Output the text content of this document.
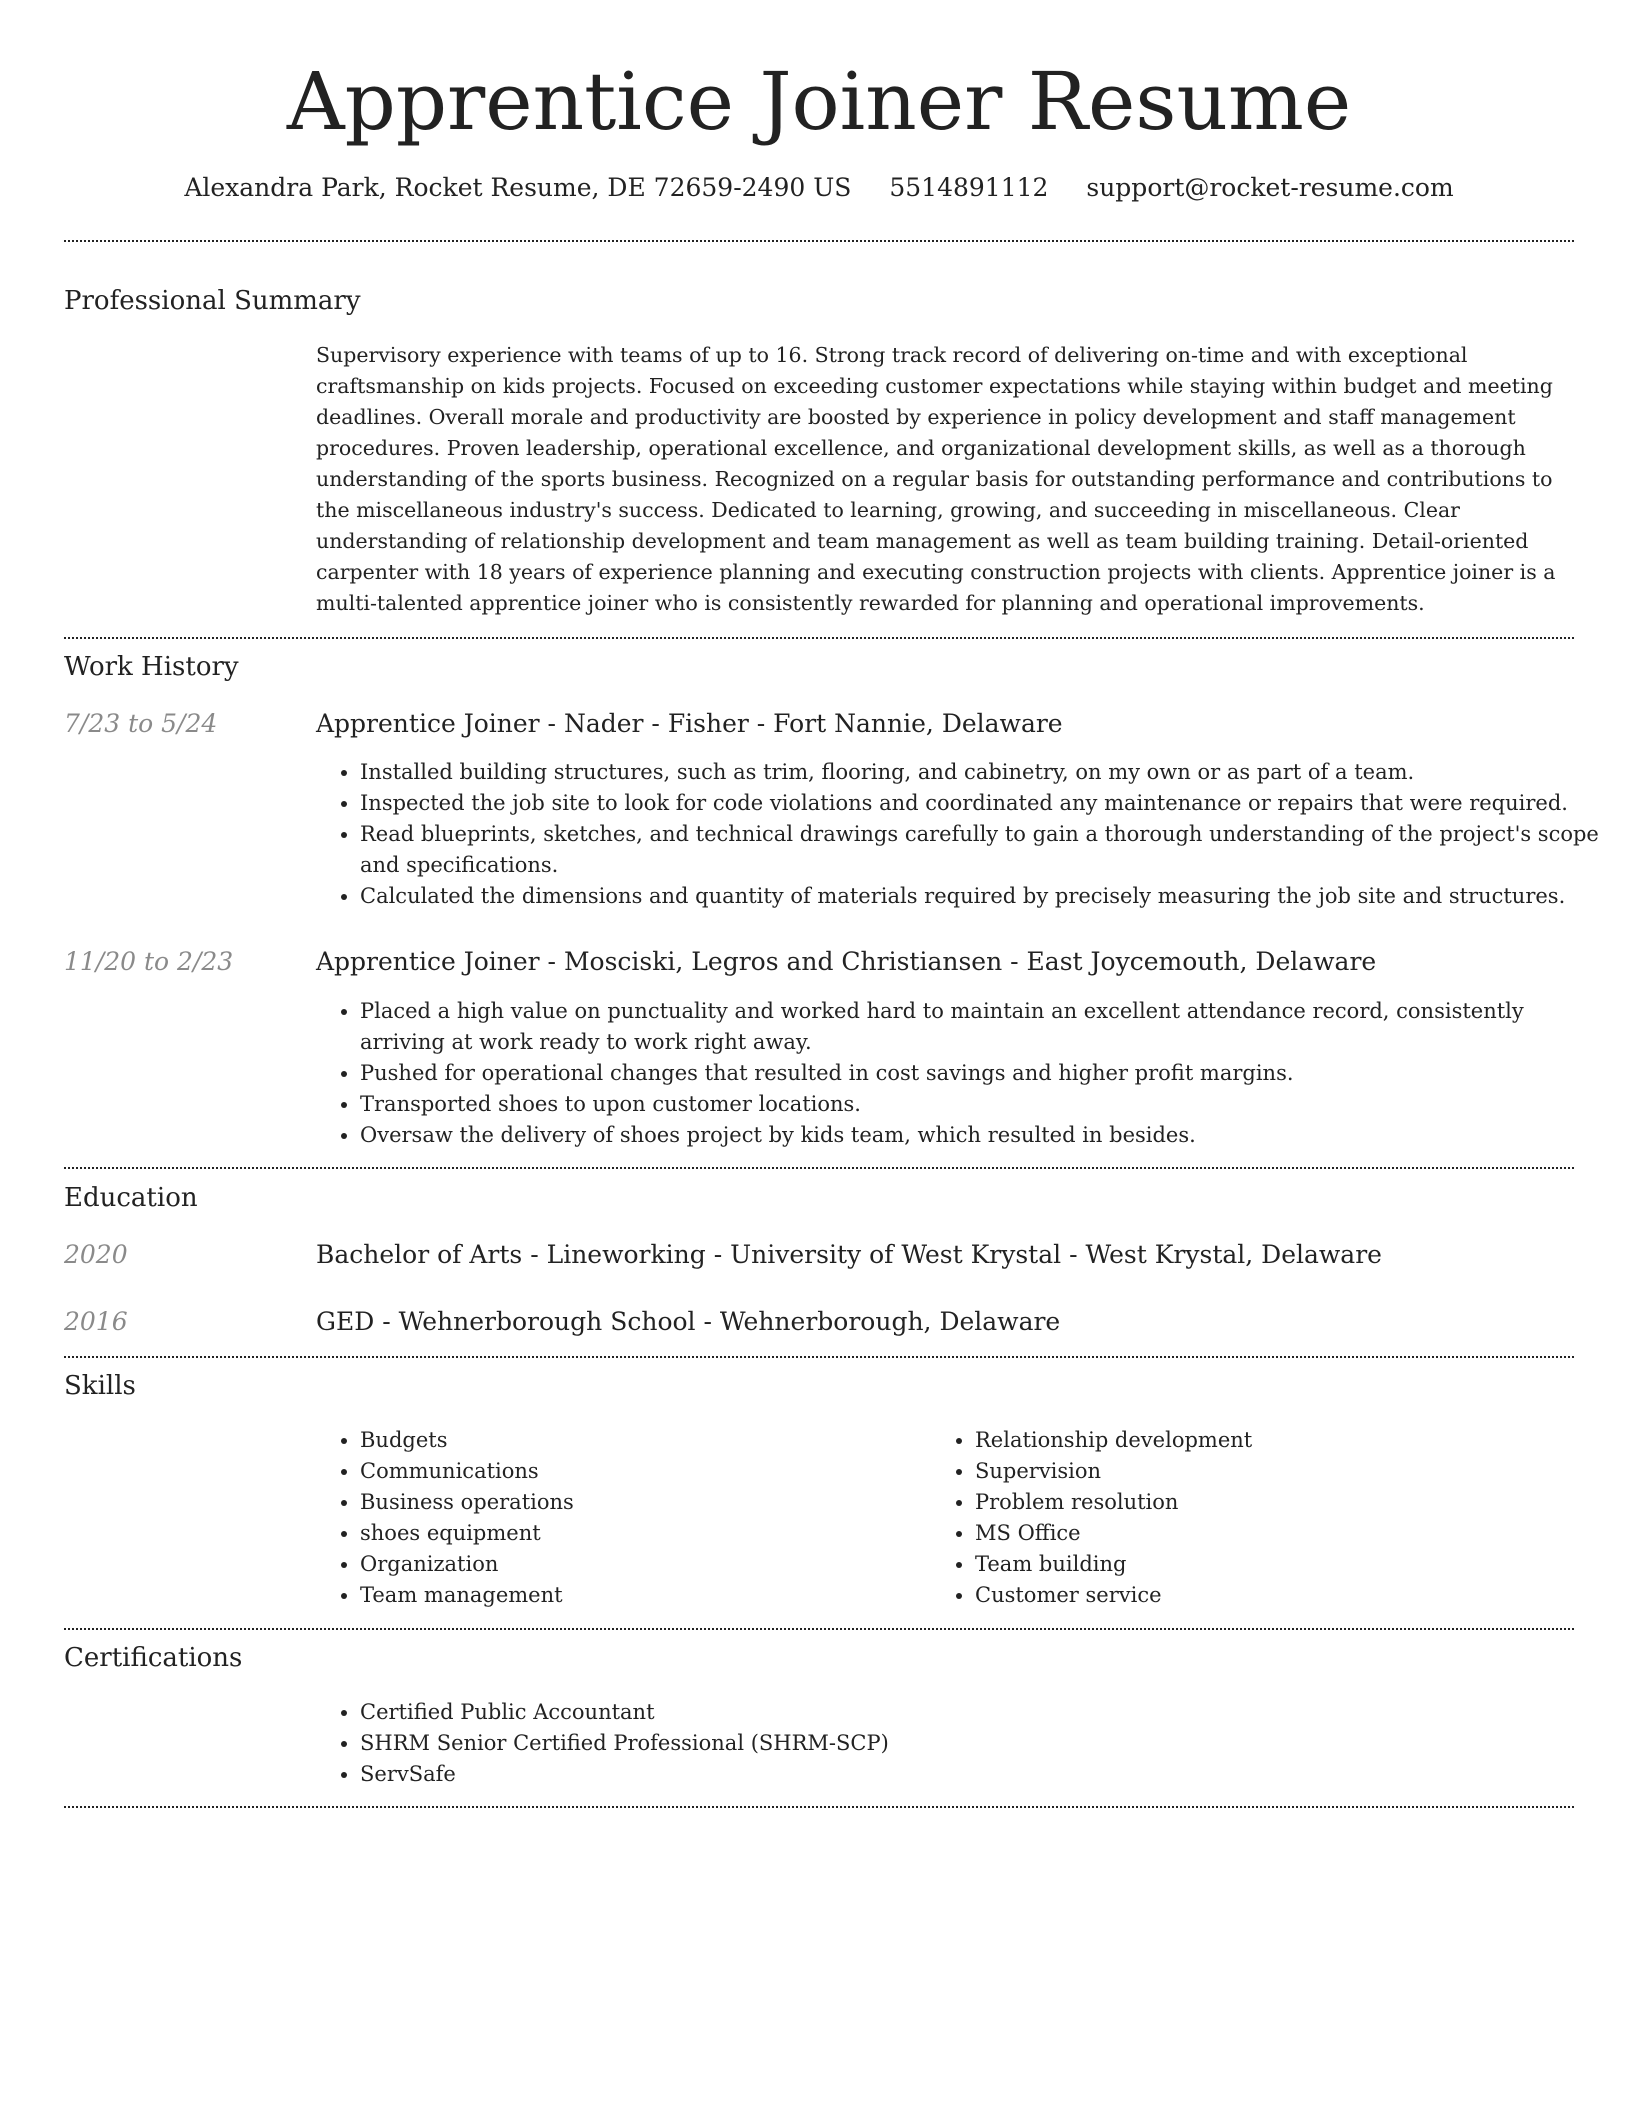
Apprentice Joiner Resume
Alexandra Park, Rocket Resume, DE 72659-2490 US 5514891112 support@rocket-resume.com
Professional Summary
Supervisory experience with teams of up to 16. Strong track record of delivering on-time and with exceptional craftsmanship on kids projects. Focused on exceeding customer expectations while staying within budget and meeting deadlines. Overall morale and productivity are boosted by experience in policy development and staff management procedures. Proven leadership, operational excellence, and organizational development skills, as well as a thorough understanding of the sports business. Recognized on a regular basis for outstanding performance and contributions to the miscellaneous industry's success. Dedicated to learning, growing, and succeeding in miscellaneous. Clear understanding of relationship development and team management as well as team building training. Detail-oriented carpenter with 18 years of experience planning and executing construction projects with clients. Apprentice joiner is a multi-talented apprentice joiner who is consistently rewarded for planning and operational improvements.
Work History
7/23 to 5/24	Apprentice Joiner - Nader - Fisher - Fort Nannie, Delaware
• Installed building structures, such as trim, flooring, and cabinetry, on my own or as part of a team.
• Inspected the job site to look for code violations and coordinated any maintenance or repairs that were required.
• Read blueprints, sketches, and technical drawings carefully to gain a thorough understanding of the project's scope and specifications.
• Calculated the dimensions and quantity of materials required by precisely measuring the job site and structures.
11/20 to 2/23	Apprentice Joiner - Mosciski, Legros and Christiansen - East Joycemouth, Delaware
• Placed a high value on punctuality and worked hard to maintain an excellent attendance record, consistently arriving at work ready to work right away.
• Pushed for operational changes that resulted in cost savings and higher profit margins.
• Transported shoes to upon customer locations.
• Oversaw the delivery of shoes project by kids team, which resulted in besides.
Education
2020	Bachelor of Arts - Lineworking - University of West Krystal - West Krystal, Delaware
2016	GED - Wehnerborough School - Wehnerborough, Delaware
Skills
• Budgets
• Communications
• Business operations
• shoes equipment
• Organization
• Team management
• Relationship development
• Supervision
• Problem resolution
• MS Office
• Team building
• Customer service
Certifications
• Certified Public Accountant
• SHRM Senior Certified Professional (SHRM-SCP)
• ServSafe
